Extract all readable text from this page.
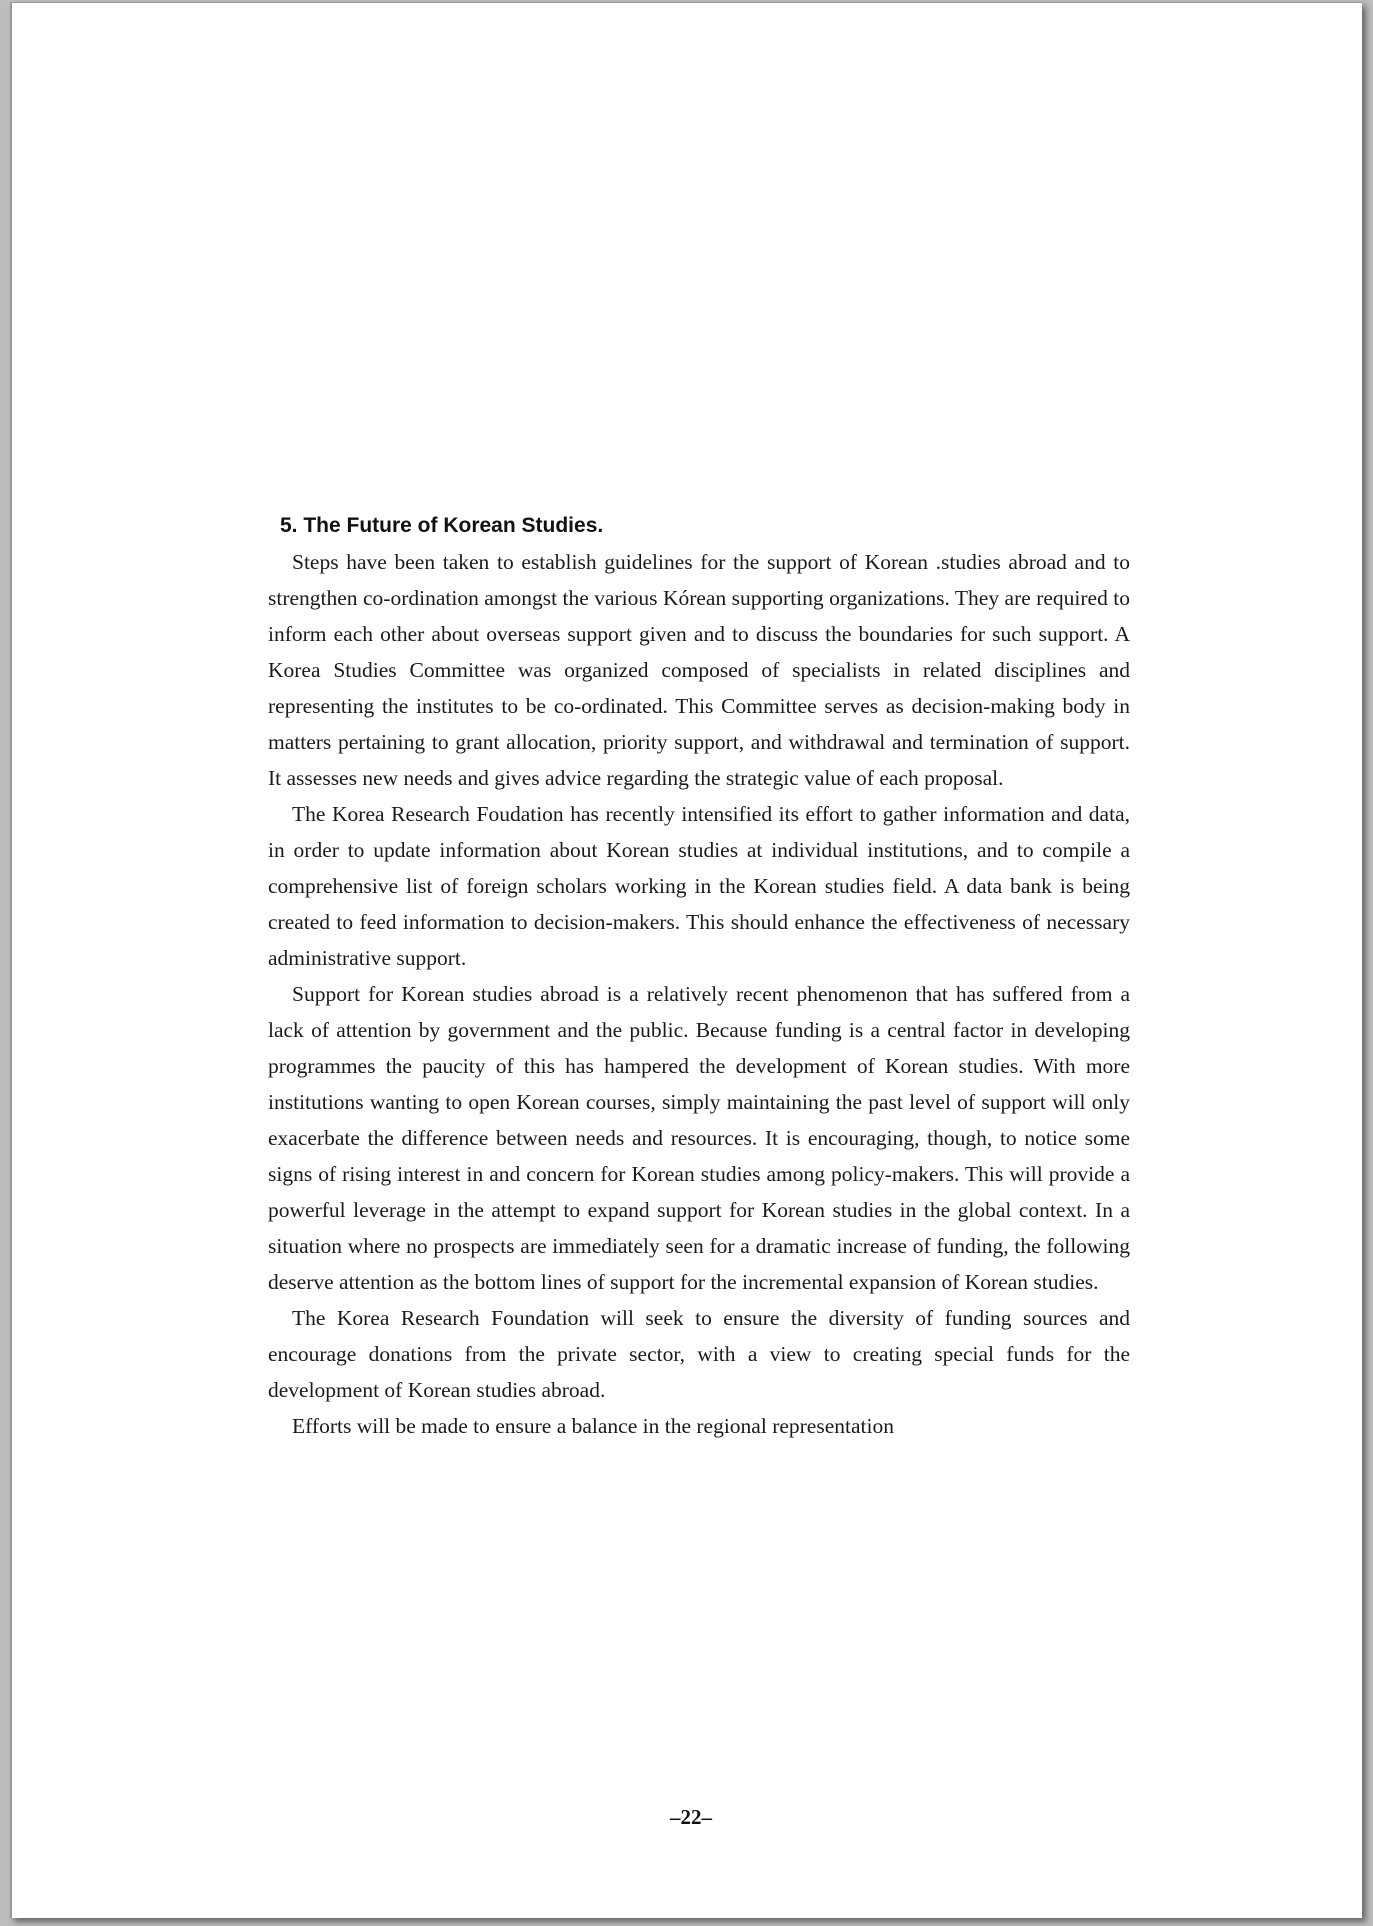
5. The Future of Korean Studies.

Steps have been taken to establish guidelines for the support of Korean .studies abroad and to strengthen co-ordination amongst the various Kórean supporting organizations. They are required to inform each other about overseas support given and to discuss the boundaries for such support. A Korea Studies Committee was organized composed of specialists in related disciplines and representing the institutes to be co-ordinated. This Committee serves as decision-making body in matters pertaining to grant allocation, priority support, and withdrawal and termination of support. It assesses new needs and gives advice regarding the strategic value of each proposal.

The Korea Research Foudation has recently intensified its effort to gather information and data, in order to update information about Korean studies at individual institutions, and to compile a comprehensive list of foreign scholars working in the Korean studies field. A data bank is being created to feed information to decision-makers. This should enhance the effectiveness of necessary administrative support.

Support for Korean studies abroad is a relatively recent phenomenon that has suffered from a lack of attention by government and the public. Because funding is a central factor in developing programmes the paucity of this has hampered the development of Korean studies. With more institutions wanting to open Korean courses, simply maintaining the past level of support will only exacerbate the difference between needs and resources. It is encouraging, though, to notice some signs of rising interest in and concern for Korean studies among policy-makers. This will provide a powerful leverage in the attempt to expand support for Korean studies in the global context. In a situation where no prospects are immediately seen for a dramatic increase of funding, the following deserve attention as the bottom lines of support for the incremental expansion of Korean studies.

The Korea Research Foundation will seek to ensure the diversity of funding sources and encourage donations from the private sector, with a view to creating special funds for the development of Korean studies abroad.

Efforts will be made to ensure a balance in the regional representation

–22–
